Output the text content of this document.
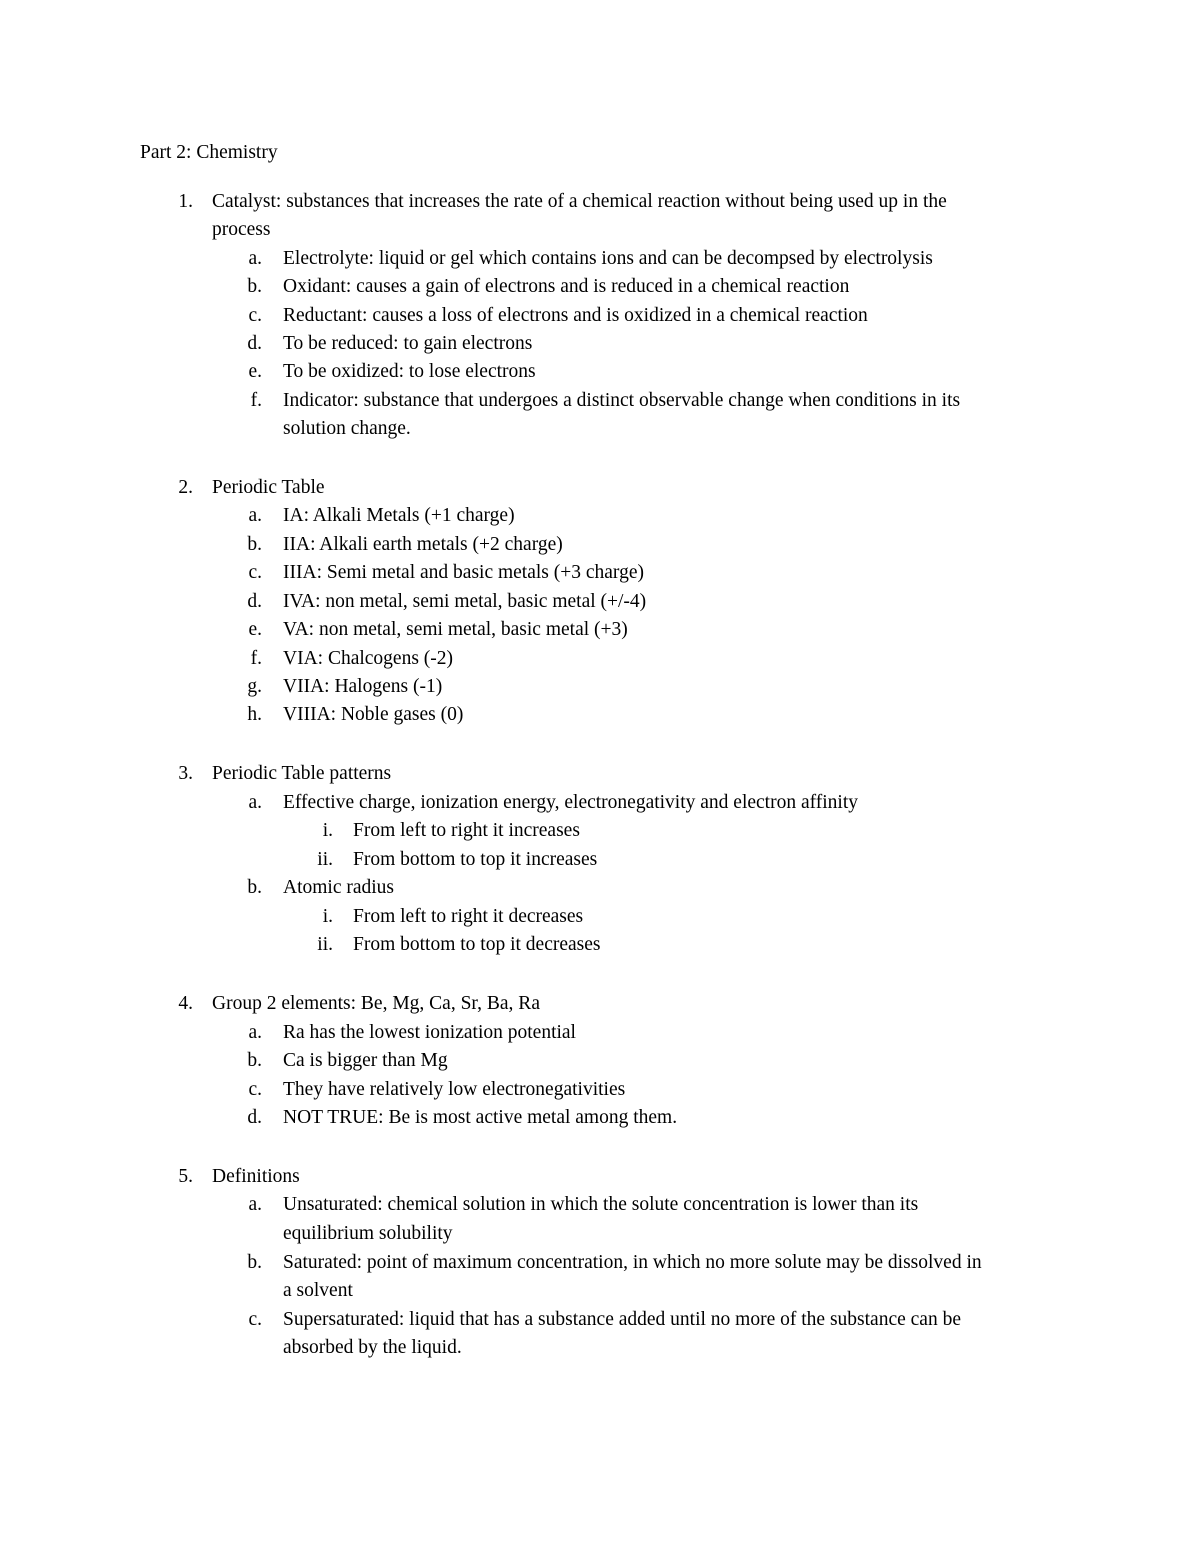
Part 2: Chemistry
1. Catalyst: substances that increases the rate of a chemical reaction without being used up in the
process
a. Electrolyte: liquid or gel which contains ions and can be decompsed by electrolysis
b. Oxidant: causes a gain of electrons and is reduced in a chemical reaction
c. Reductant: causes a loss of electrons and is oxidized in a chemical reaction
d. To be reduced: to gain electrons
e. To be oxidized: to lose electrons
f. Indicator: substance that undergoes a distinct observable change when conditions in its
solution change.
2. Periodic Table
a. IA: Alkali Metals (+1 charge)
b. IIA: Alkali earth metals (+2 charge)
c. IIIA: Semi metal and basic metals (+3 charge)
d. IVA: non metal, semi metal, basic metal (+/-4)
e. VA: non metal, semi metal, basic metal (+3)
f. VIA: Chalcogens (-2)
g. VIIA: Halogens (-1)
h. VIIIA: Noble gases (0)
3. Periodic Table patterns
a. Effective charge, ionization energy, electronegativity and electron affinity
i. From left to right it increases
ii. From bottom to top it increases
b. Atomic radius
i. From left to right it decreases
ii. From bottom to top it decreases
4. Group 2 elements: Be, Mg, Ca, Sr, Ba, Ra
a. Ra has the lowest ionization potential
b. Ca is bigger than Mg
c. They have relatively low electronegativities
d. NOT TRUE: Be is most active metal among them.
5. Definitions
a. Unsaturated: chemical solution in which the solute concentration is lower than its
equilibrium solubility
b. Saturated: point of maximum concentration, in which no more solute may be dissolved in
a solvent
c. Supersaturated: liquid that has a substance added until no more of the substance can be
absorbed by the liquid.
